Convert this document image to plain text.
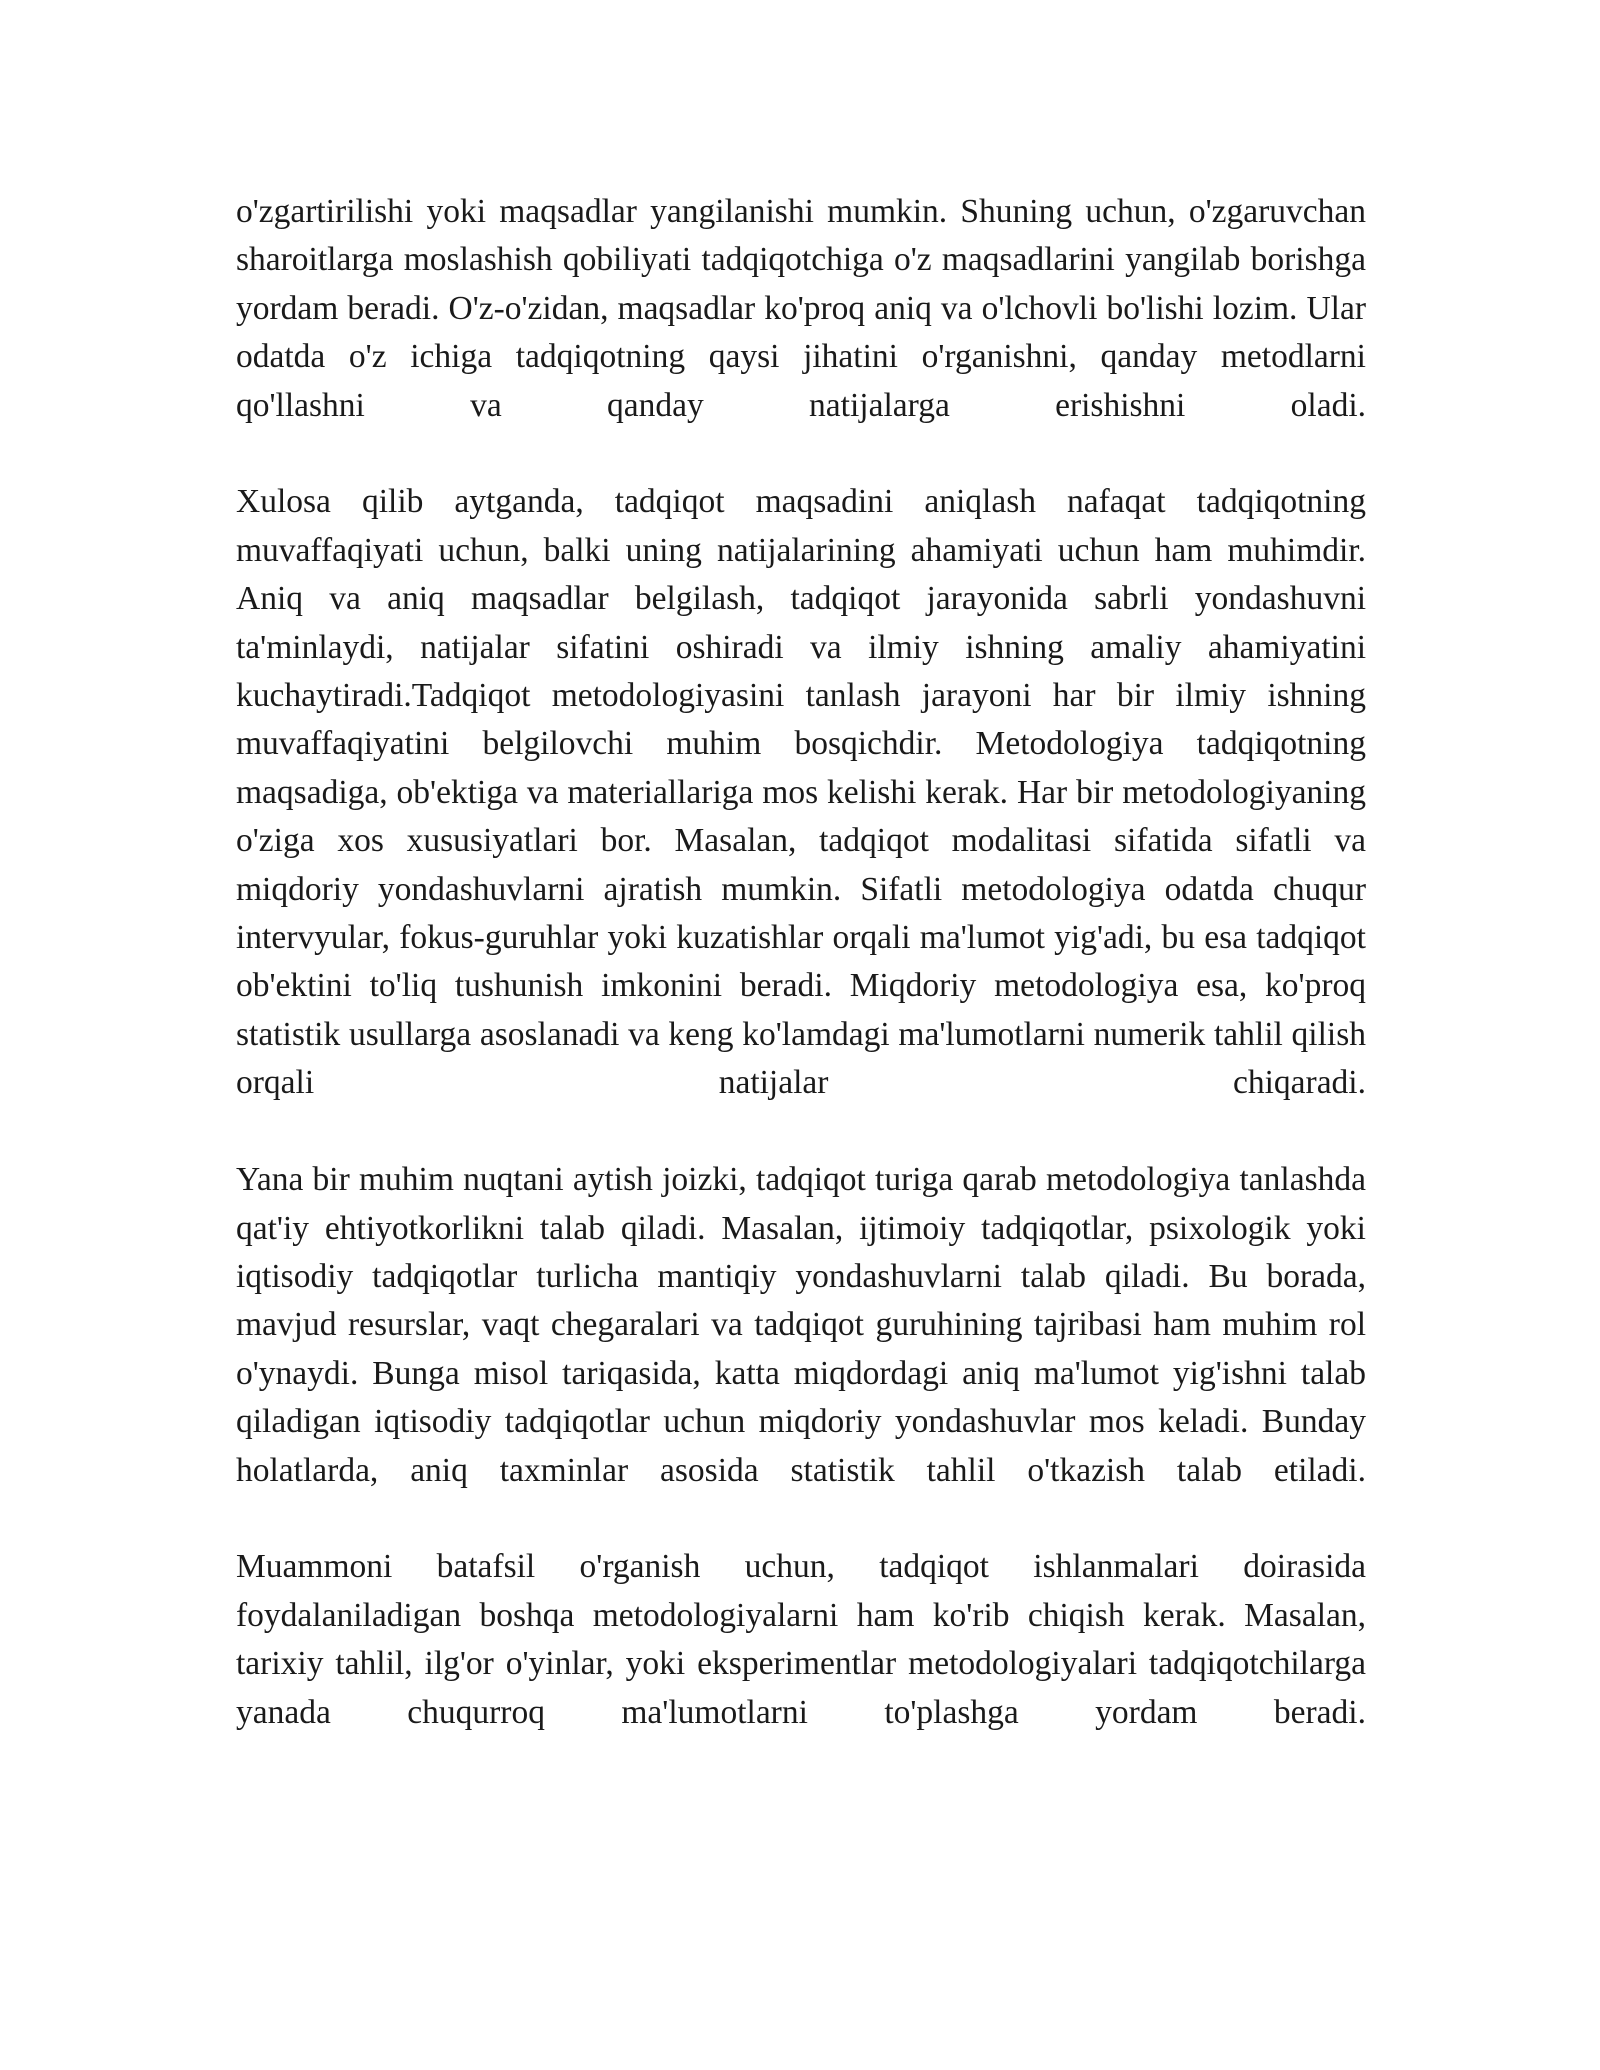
o'zgartirilishi yoki maqsadlar yangilanishi mumkin. Shuning uchun, o'zgaruvchan sharoitlarga moslashish qobiliyati tadqiqotchiga o'z maqsadlarini yangilab borishga yordam beradi. O'z-o'zidan, maqsadlar ko'proq aniq va o'lchovli bo'lishi lozim. Ular odatda o'z ichiga tadqiqotning qaysi jihatini o'rganishni, qanday metodlarni qo'llashni va qanday natijalarga erishishni oladi.

Xulosa qilib aytganda, tadqiqot maqsadini aniqlash nafaqat tadqiqotning muvaffaqiyati uchun, balki uning natijalarining ahamiyati uchun ham muhimdir. Aniq va aniq maqsadlar belgilash, tadqiqot jarayonida sabrli yondashuvni ta'minlaydi, natijalar sifatini oshiradi va ilmiy ishning amaliy ahamiyatini kuchaytiradi.Tadqiqot metodologiyasini tanlash jarayoni har bir ilmiy ishning muvaffaqiyatini belgilovchi muhim bosqichdir. Metodologiya tadqiqotning maqsadiga, ob'ektiga va materiallariga mos kelishi kerak. Har bir metodologiyaning o'ziga xos xususiyatlari bor. Masalan, tadqiqot modalitasi sifatida sifatli va miqdoriy yondashuvlarni ajratish mumkin. Sifatli metodologiya odatda chuqur intervyular, fokus-guruhlar yoki kuzatishlar orqali ma'lumot yig'adi, bu esa tadqiqot ob'ektini to'liq tushunish imkonini beradi. Miqdoriy metodologiya esa, ko'proq statistik usullarga asoslanadi va keng ko'lamdagi ma'lumotlarni numerik tahlil qilish orqali natijalar chiqaradi.

Yana bir muhim nuqtani aytish joizki, tadqiqot turiga qarab metodologiya tanlashda qat'iy ehtiyotkorlikni talab qiladi. Masalan, ijtimoiy tadqiqotlar, psixologik yoki iqtisodiy tadqiqotlar turlicha mantiqiy yondashuvlarni talab qiladi. Bu borada, mavjud resurslar, vaqt chegaralari va tadqiqot guruhining tajribasi ham muhim rol o'ynaydi. Bunga misol tariqasida, katta miqdordagi aniq ma'lumot yig'ishni talab qiladigan iqtisodiy tadqiqotlar uchun miqdoriy yondashuvlar mos keladi. Bunday holatlarda, aniq taxminlar asosida statistik tahlil o'tkazish talab etiladi.

Muammoni batafsil o'rganish uchun, tadqiqot ishlanmalari doirasida foydalaniladigan boshqa metodologiyalarni ham ko'rib chiqish kerak. Masalan, tarixiy tahlil, ilg'or o'yinlar, yoki eksperimentlar metodologiyalari tadqiqotchilarga yanada chuqurroq ma'lumotlarni to'plashga yordam beradi.
